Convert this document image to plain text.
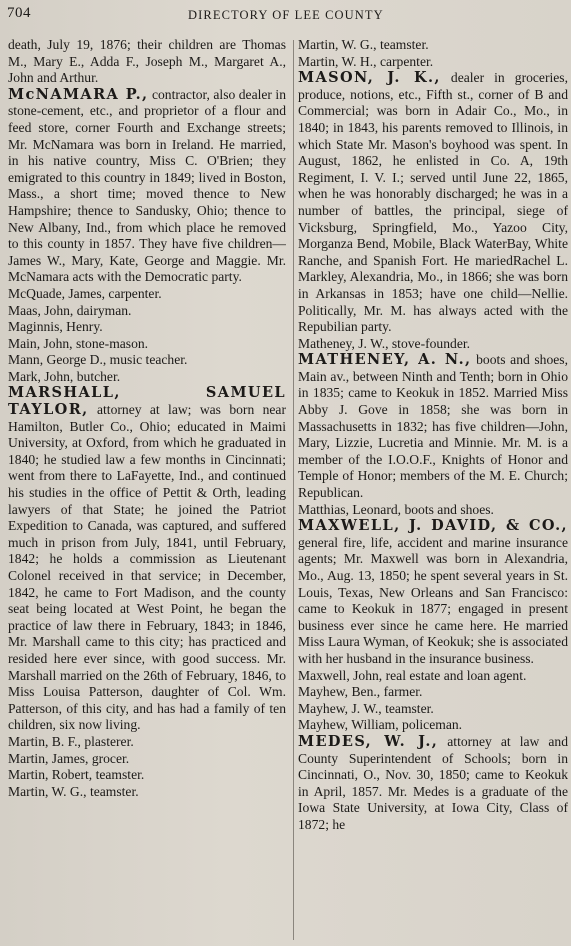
704	DIRECTORY OF LEE COUNTY

death, July 19, 1876; their children are Thomas M., Mary E., Adda F., Joseph M., Margaret A., John and Arthur.

McNAMARA P., contractor, also dealer in stone-cement, etc., and proprietor of a flour and feed store, corner Fourth and Exchange streets; Mr. McNamara was born in Ireland. He married, in his native country, Miss C. O'Brien; they emigrated to this country in 1849; lived in Boston, Mass., a short time; moved thence to New Hampshire; thence to Sandusky, Ohio; thence to New Albany, Ind., from which place he removed to this county in 1857. They have five children—James W., Mary, Kate, George and Maggie. Mr. McNamara acts with the Democratic party.

McQuade, James, carpenter.

Maas, John, dairyman.

Maginnis, Henry.

Main, John, stone-mason.

Mann, George D., music teacher.

Mark, John, butcher.

MARSHALL, SAMUEL TAYLOR, attorney at law; was born near Hamilton, Butler Co., Ohio; educated in Maimi University, at Oxford, from which he graduated in 1840; he studied law a few months in Cincinnati; went from there to LaFayette, Ind., and continued his studies in the office of Pettit & Orth, leading lawyers of that State; he joined the Patriot Expedition to Canada, was captured, and suffered much in prison from July, 1841, until February, 1842; he holds a commission as Lieutenant Colonel received in that service; in December, 1842, he came to Fort Madison, and the county seat being located at West Point, he began the practice of law there in February, 1843; in 1846, Mr. Marshall came to this city; has practiced and resided here ever since, with good success. Mr. Marshall married on the 26th of February, 1846, to Miss Louisa Patterson, daughter of Col. Wm. Patterson, of this city, and has had a family of ten children, six now living.

Martin, B. F., plasterer.

Martin, James, grocer.

Martin, Robert, teamster.

Martin, W. G., teamster.

Martin, W. G., teamster.

Martin, W. H., carpenter.

MASON, J. K., dealer in groceries, produce, notions, etc., Fifth st., corner of B and Commercial; was born in Adair Co., Mo., in 1840; in 1843, his parents removed to Illinois, in which State Mr. Mason's boyhood was spent. In August, 1862, he enlisted in Co. A, 19th Regiment, I. V. I.; served until June 22, 1865, when he was honorably discharged; he was in a number of battles, the principal, siege of Vicksburg, Springfield, Mo., Yazoo City, Morganza Bend, Mobile, Black WaterBay, White Ranche, and Spanish Fort. He mariedRachel L. Markley, Alexandria, Mo., in 1866; she was born in Arkansas in 1853; have one child—Nellie. Politically, Mr. M. has always acted with the Repubilian party.

Matheney, J. W., stove-founder.

MATHENEY, A. N., boots and shoes, Main av., between Ninth and Tenth; born in Ohio in 1835; came to Keokuk in 1852. Married Miss Abby J. Gove in 1858; she was born in Massachusetts in 1832; has five children—John, Mary, Lizzie, Lucretia and Minnie. Mr. M. is a member of the I.O.O.F., Knights of Honor and Temple of Honor; members of the M. E. Church; Republican.

Matthias, Leonard, boots and shoes.

MAXWELL, J. DAVID, & CO., general fire, life, accident and marine insurance agents; Mr. Maxwell was born in Alexandria, Mo., Aug. 13, 1850; he spent several years in St. Louis, Texas, New Orleans and San Francisco: came to Keokuk in 1877; engaged in present business ever since he came here. He married Miss Laura Wyman, of Keokuk; she is associated with her husband in the insurance business.

Maxwell, John, real estate and loan agent.

Mayhew, Ben., farmer.

Mayhew, J. W., teamster.

Mayhew, William, policeman.

MEDES, W. J., attorney at law and County Superintendent of Schools; born in Cincinnati, O., Nov. 30, 1850; came to Keokuk in April, 1857. Mr. Medes is a graduate of the Iowa State University, at Iowa City, Class of 1872; he
